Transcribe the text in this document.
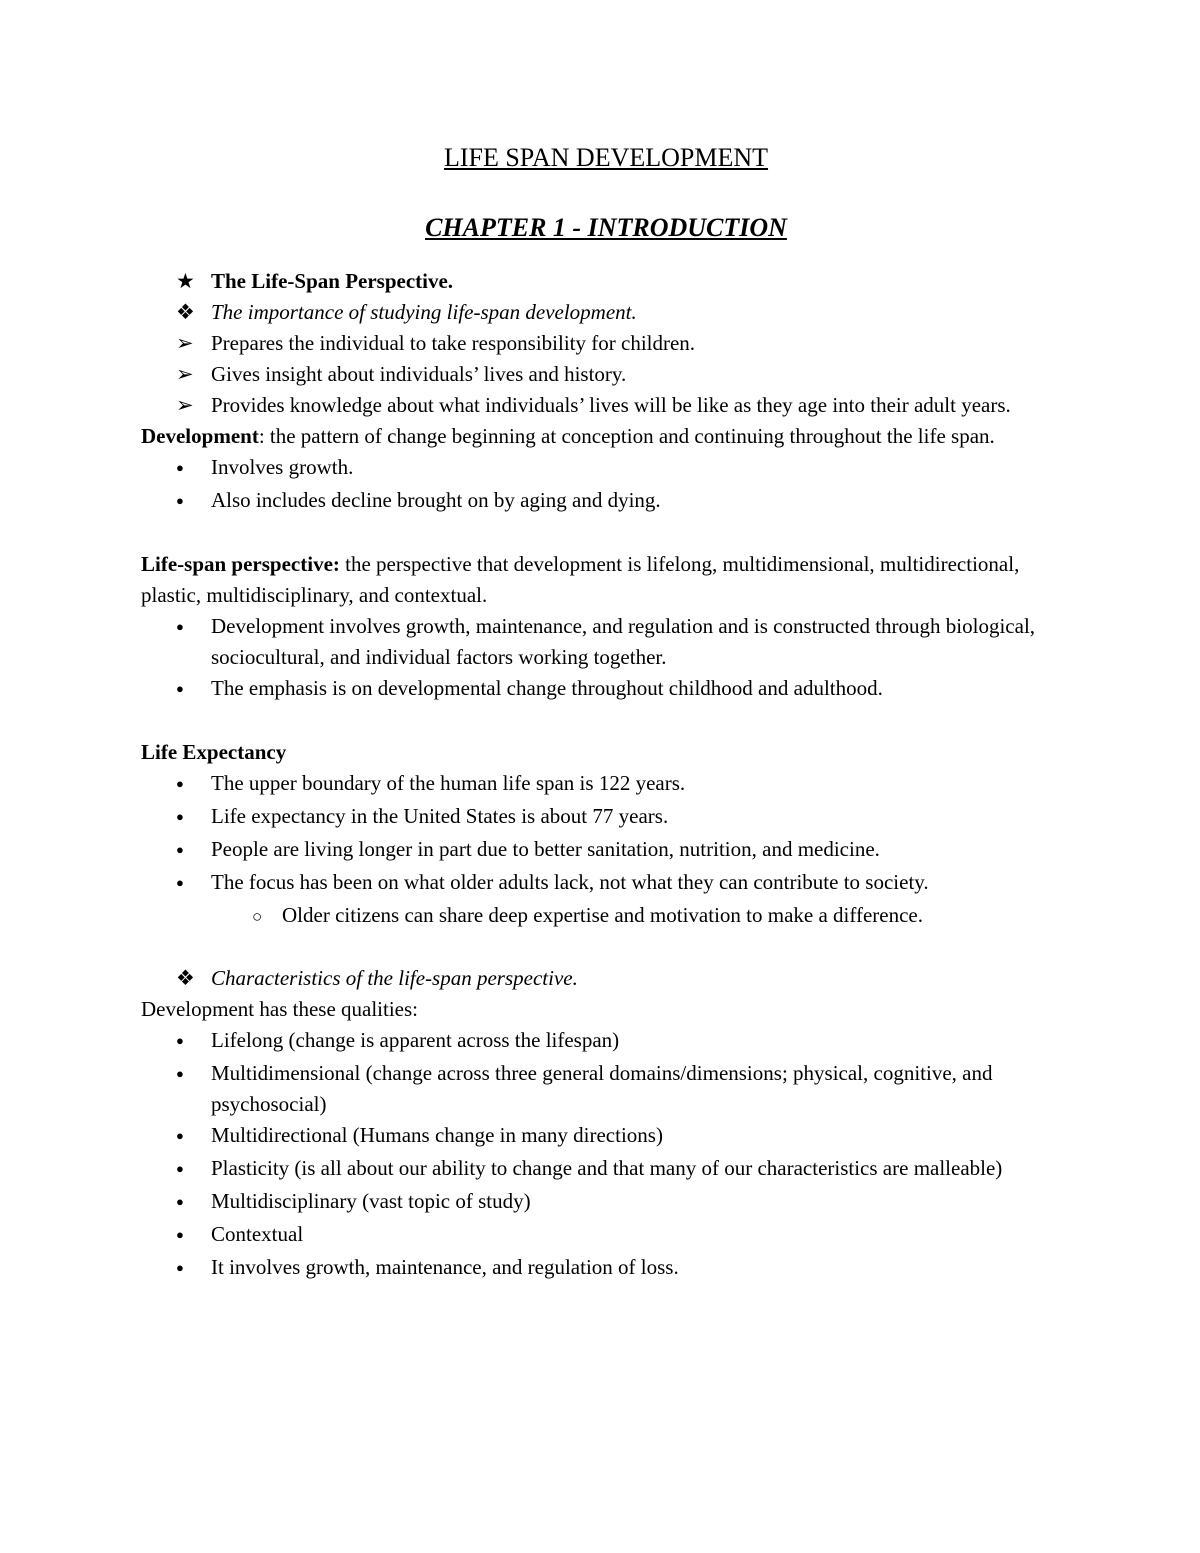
LIFE SPAN DEVELOPMENT

CHAPTER 1 - INTRODUCTION

★ The Life-Span Perspective.
❖ The importance of studying life-span development.
➢ Prepares the individual to take responsibility for children.
➢ Gives insight about individuals’ lives and history.
➢ Provides knowledge about what individuals’ lives will be like as they age into their adult years.

Development: the pattern of change beginning at conception and continuing throughout the life span.

●	Involves growth.
●	Also includes decline brought on by aging and dying.

Life-span perspective: the perspective that development is lifelong, multidimensional, multidirectional, plastic, multidisciplinary, and contextual.

●	Development involves growth, maintenance, and regulation and is constructed through biological, sociocultural, and individual factors working together.
●	The emphasis is on developmental change throughout childhood and adulthood.

Life Expectancy

●	The upper boundary of the human life span is 122 years.
●	Life expectancy in the United States is about 77 years.
●	People are living longer in part due to better sanitation, nutrition, and medicine.
●	The focus has been on what older adults lack, not what they can contribute to society.
○ Older citizens can share deep expertise and motivation to make a difference.
❖ Characteristics of the life-span perspective.

Development has these qualities:

●	Lifelong (change is apparent across the lifespan)
●	Multidimensional (change across three general domains/dimensions; physical, cognitive, and psychosocial)
●	Multidirectional (Humans change in many directions)
●	Plasticity (is all about our ability to change and that many of our characteristics are malleable)
●	Multidisciplinary (vast topic of study)
●	Contextual
●	It involves growth, maintenance, and regulation of loss.
